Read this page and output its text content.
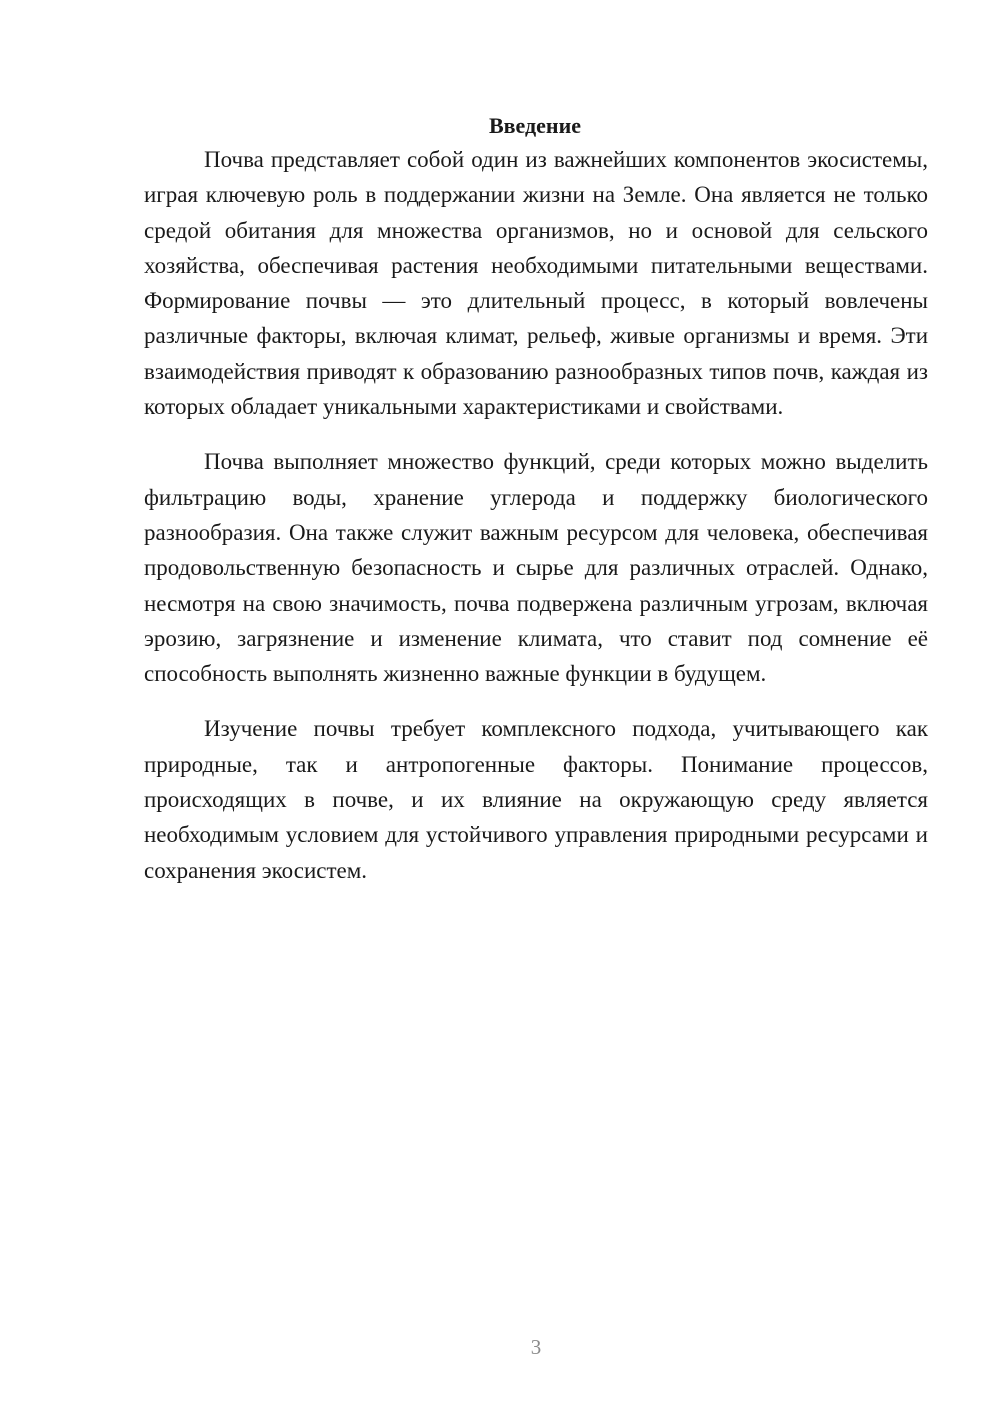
Введение

Почва представляет собой один из важнейших компонентов экосистемы, играя ключевую роль в поддержании жизни на Земле. Она является не только средой обитания для множества организмов, но и основой для сельского хозяйства, обеспечивая растения необходимыми питательными веществами. Формирование почвы — это длительный процесс, в который вовлечены различные факторы, включая климат, рельеф, живые организмы и время. Эти взаимодействия приводят к образованию разнообразных типов почв, каждая из которых обладает уникальными характеристиками и свойствами.

Почва выполняет множество функций, среди которых можно выделить фильтрацию воды, хранение углерода и поддержку биологического разнообразия. Она также служит важным ресурсом для человека, обеспечивая продовольственную безопасность и сырье для различных отраслей. Однако, несмотря на свою значимость, почва подвержена различным угрозам, включая эрозию, загрязнение и изменение климата, что ставит под сомнение её способность выполнять жизненно важные функции в будущем.

Изучение почвы требует комплексного подхода, учитывающего как природные, так и антропогенные факторы. Понимание процессов, происходящих в почве, и их влияние на окружающую среду является необходимым условием для устойчивого управления природными ресурсами и сохранения экосистем.

3
